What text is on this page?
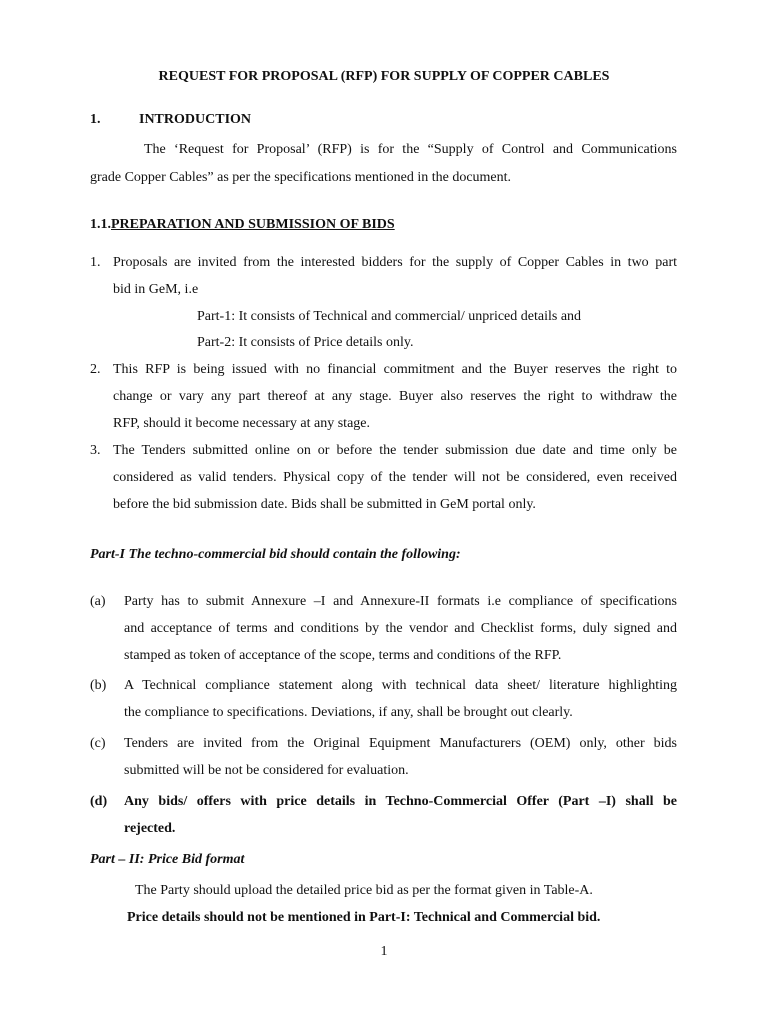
REQUEST FOR PROPOSAL (RFP) FOR SUPPLY OF COPPER CABLES
1.	INTRODUCTION
The ‘Request for Proposal’ (RFP) is for the “Supply of Control and Communications
grade Copper Cables” as per the specifications mentioned in the document.
1.1.PREPARATION AND SUBMISSION OF BIDS
1. Proposals are invited from the interested bidders for the supply of Copper Cables in two part
bid in GeM, i.e
Part-1: It consists of Technical and commercial/ unpriced details and
Part-2: It consists of Price details only.
2. This RFP is being issued with no financial commitment and the Buyer reserves the right to
change or vary any part thereof at any stage. Buyer also reserves the right to withdraw the
RFP, should it become necessary at any stage.
3. The Tenders submitted online on or before the tender submission due date and time only be
considered as valid tenders. Physical copy of the tender will not be considered, even received
before the bid submission date. Bids shall be submitted in GeM portal only.
Part-I The techno-commercial bid should contain the following:
(a) Party has to submit Annexure –I and Annexure-II formats i.e compliance of specifications
and acceptance of terms and conditions by the vendor and Checklist forms, duly signed and
stamped as token of acceptance of the scope, terms and conditions of the RFP.
(b) A Technical compliance statement along with technical data sheet/ literature highlighting
the compliance to specifications. Deviations, if any, shall be brought out clearly.
(c) Tenders are invited from the Original Equipment Manufacturers (OEM) only, other bids
submitted will be not be considered for evaluation.
(d) Any bids/ offers with price details in Techno-Commercial Offer (Part –I) shall be
rejected.
Part – II: Price Bid format
The Party should upload the detailed price bid as per the format given in Table-A.
Price details should not be mentioned in Part-I: Technical and Commercial bid.
1
